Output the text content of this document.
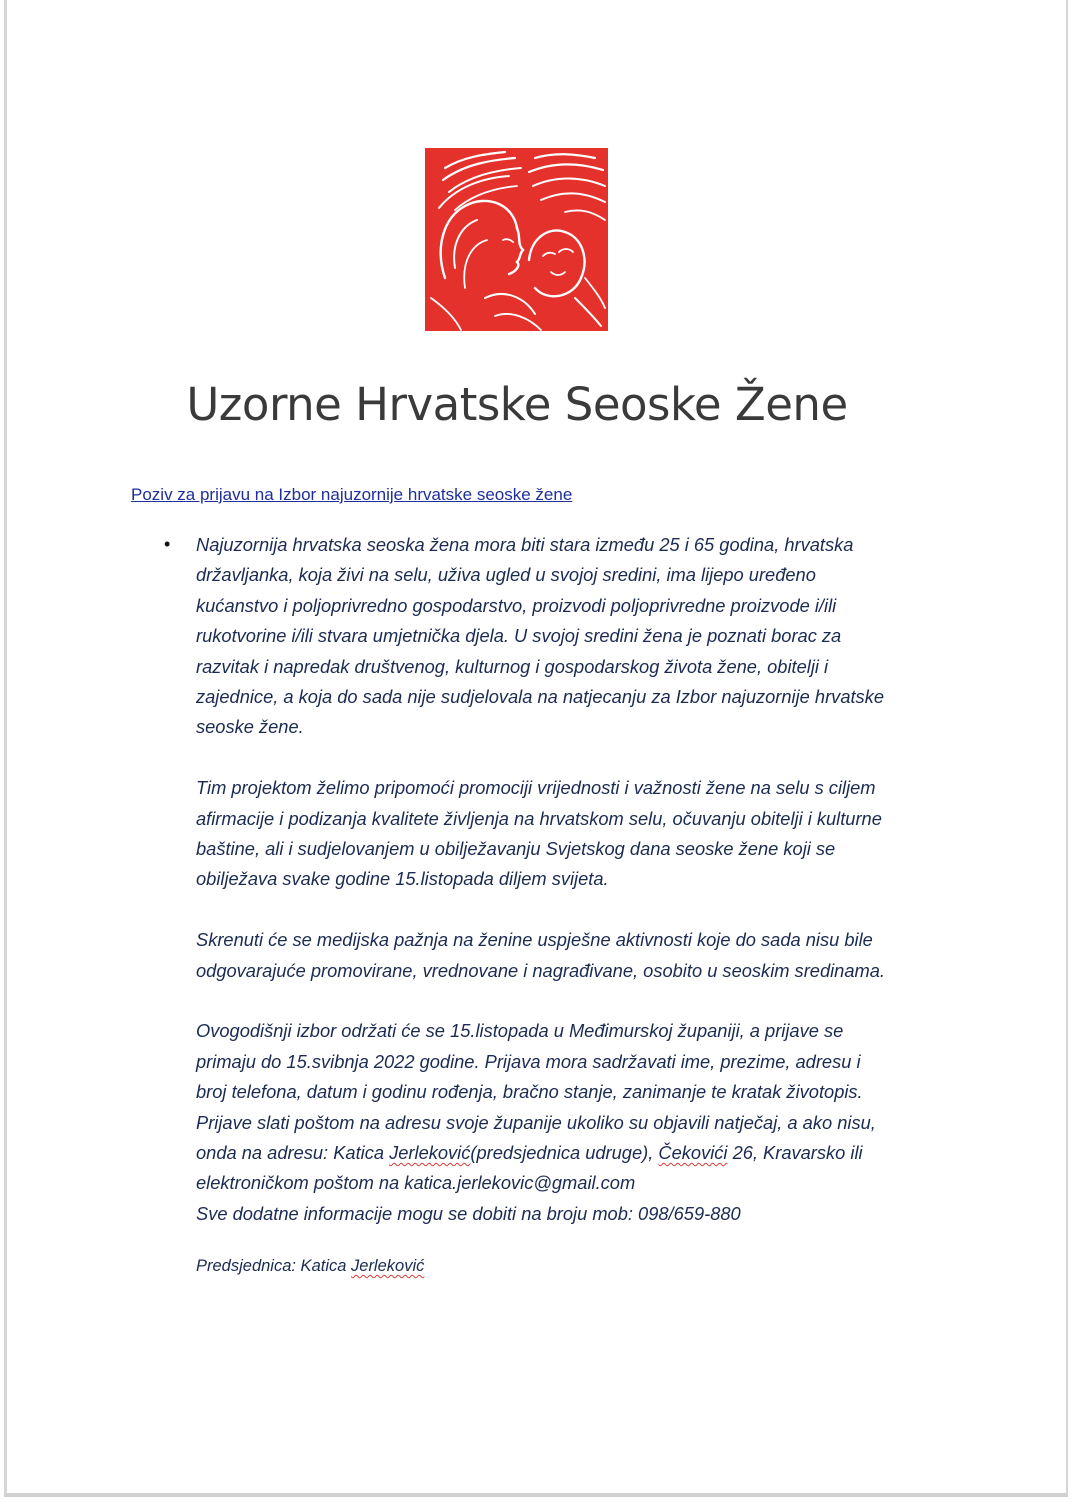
Uzorne Hrvatske Seoske Žene
Poziv za prijavu na Izbor najuzornije hrvatske seoske žene
• Najuzornija hrvatska seoska žena mora biti stara između 25 i 65 godina, hrvatska
državljanka, koja živi na selu, uživa ugled u svojoj sredini, ima lijepo uređeno
kućanstvo i poljoprivredno gospodarstvo, proizvodi poljoprivredne proizvode i/ili
rukotvorine i/ili stvara umjetnička djela. U svojoj sredini žena je poznati borac za
razvitak i napredak društvenog, kulturnog i gospodarskog života žene, obitelji i
zajednice, a koja do sada nije sudjelovala na natjecanju za Izbor najuzornije hrvatske
seoske žene.

Tim projektom želimo pripomoći promociji vrijednosti i važnosti žene na selu s ciljem
afirmacije i podizanja kvalitete življenja na hrvatskom selu, očuvanju obitelji i kulturne
baštine, ali i sudjelovanjem u obilježavanju Svjetskog dana seoske žene koji se
obilježava svake godine 15.listopada diljem svijeta.

Skrenuti će se medijska pažnja na ženine uspješne aktivnosti koje do sada nisu bile
odgovarajuće promovirane, vrednovane i nagrađivane, osobito u seoskim sredinama.

Ovogodišnji izbor održati će se 15.listopada u Međimurskoj županiji, a prijave se
primaju do 15.svibnja 2022 godine. Prijava mora sadržavati ime, prezime, adresu i
broj telefona, datum i godinu rođenja, bračno stanje, zanimanje te kratak životopis.
Prijave slati poštom na adresu svoje županije ukoliko su objavili natječaj, a ako nisu,
onda na adresu: Katica Jerleković(predsjednica udruge), Čekovići 26, Kravarsko ili
elektroničkom poštom na katica.jerlekovic@gmail.com
Sve dodatne informacije mogu se dobiti na broju mob: 098/659-880

Predsjednica: Katica Jerleković
